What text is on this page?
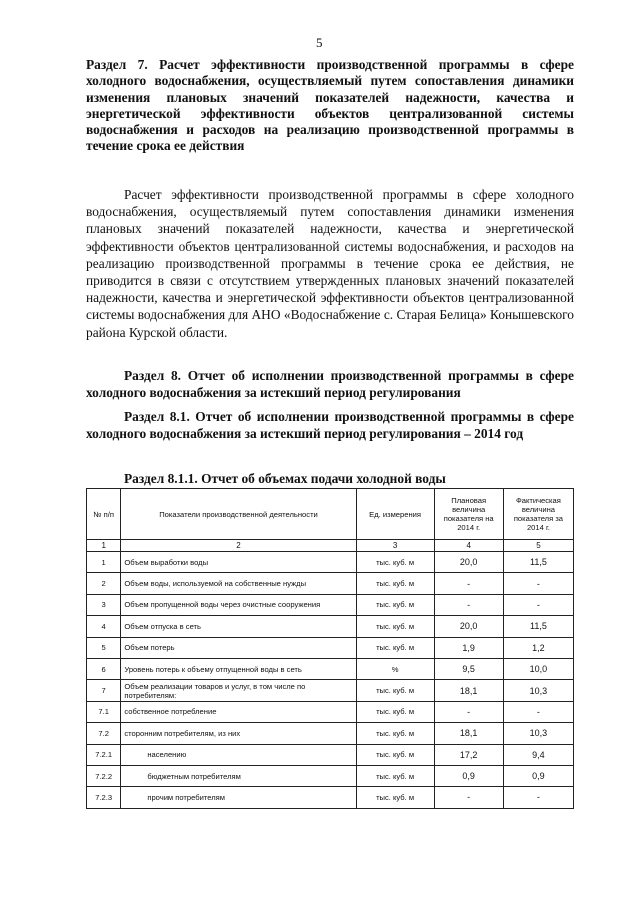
5
Раздел 7. Расчет эффективности производственной программы в сфере холодного водоснабжения, осуществляемый путем сопоставления динамики изменения плановых значений показателей надежности, качества и энергетической эффективности объектов централизованной системы водоснабжения и расходов на реализацию производственной программы в течение срока ее действия
Расчет эффективности производственной программы в сфере холодного водоснабжения, осуществляемый путем сопоставления динамики изменения плановых значений показателей надежности, качества и энергетической эффективности объектов централизованной системы водоснабжения, и расходов на реализацию производственной программы в течение срока ее действия, не приводится в связи с отсутствием утвержденных плановых значений показателей надежности, качества и энергетической эффективности объектов централизованной системы водоснабжения для АНО «Водоснабжение с. Старая Белица» Конышевского района Курской области.
Раздел 8. Отчет об исполнении производственной программы в сфере холодного водоснабжения за истекший период регулирования
Раздел 8.1. Отчет об исполнении производственной программы в сфере холодного водоснабжения за истекший период регулирования – 2014 год
Раздел 8.1.1. Отчет об объемах подачи холодной воды
№ п/п	Показатели производственной деятельности	Ед. измерения	Плановая величина показателя на 2014 г.	Фактическая величина показателя за 2014 г.
1	2	3	4	5
1	Объем выработки воды	тыс. куб. м	20,0	11,5
2	Объем воды, используемой на собственные нужды	тыс. куб. м	-	-
3	Объем пропущенной воды через очистные сооружения	тыс. куб. м	-	-
4	Объем отпуска в сеть	тыс. куб. м	20,0	11,5
5	Объем потерь	тыс. куб. м	1,9	1,2
6	Уровень потерь к объему отпущенной воды в сеть	%	9,5	10,0
7	Объем реализации товаров и услуг, в том числе по потребителям:	тыс. куб. м	18,1	10,3
7.1	собственное потребление	тыс. куб. м	-	-
7.2	сторонним потребителям, из них	тыс. куб. м	18,1	10,3
7.2.1	населению	тыс. куб. м	17,2	9,4
7.2.2	бюджетным потребителям	тыс. куб. м	0,9	0,9
7.2.3	прочим потребителям	тыс. куб. м	-	-
